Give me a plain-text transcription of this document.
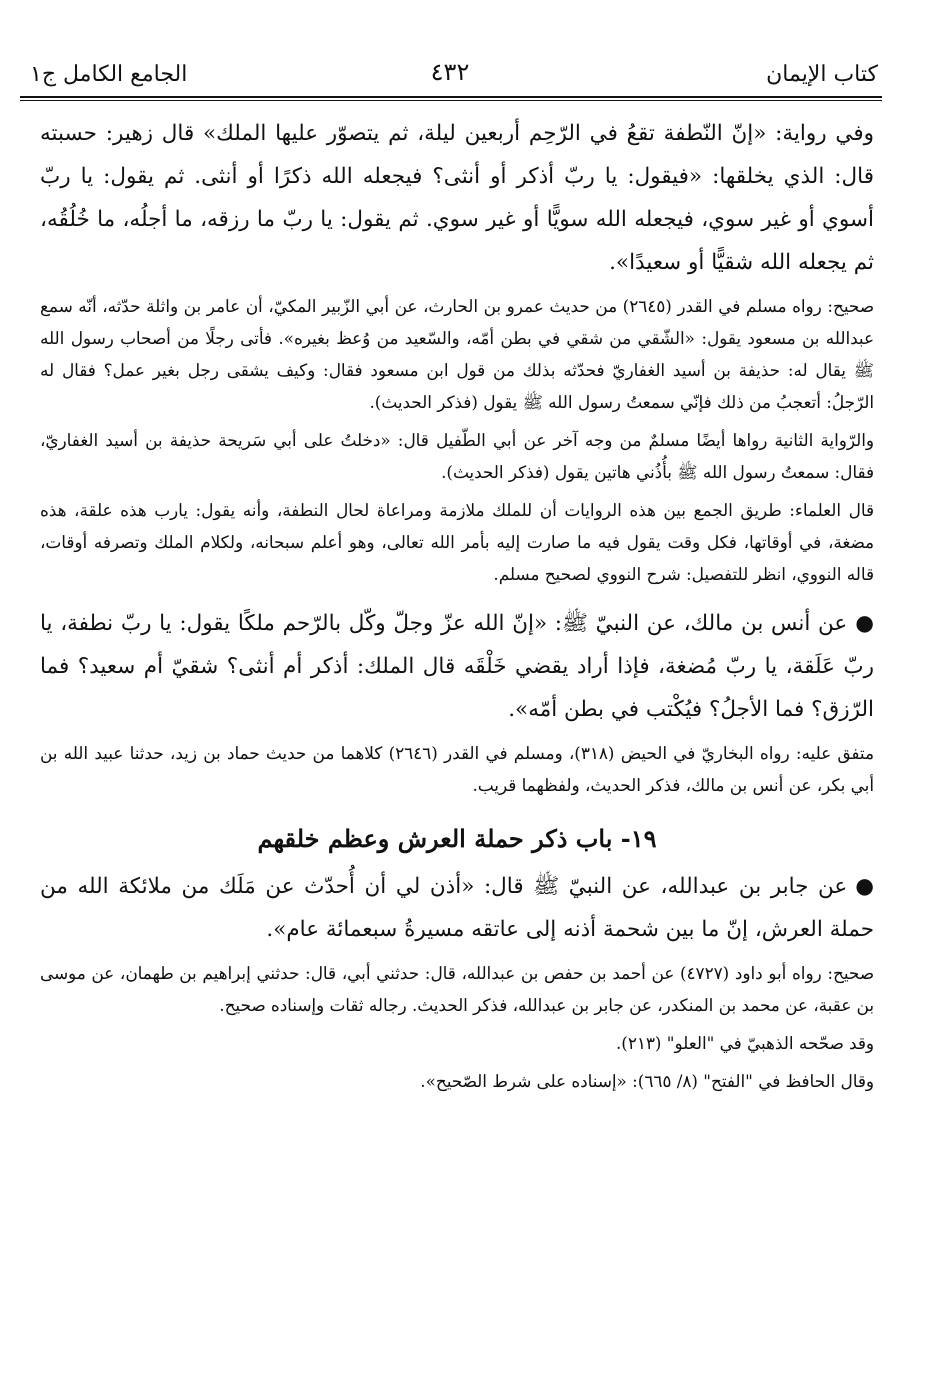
كتاب الإيمان
٤٣٢
الجامع الكامل ج١

وفي رواية: «إنّ النّطفة تقعُ في الرّحِم أربعين ليلة، ثم يتصوّر عليها الملك» قال زهير: حسبته قال: الذي يخلقها: «فيقول: يا ربّ أذكر أو أنثى؟ فيجعله الله ذكرًا أو أنثى. ثم يقول: يا ربّ أسوي أو غير سوي، فيجعله الله سويًّا أو غير سوي. ثم يقول: يا ربّ ما رزقه، ما أجلُه، ما خُلُقُه، ثم يجعله الله شقيًّا أو سعيدًا».

صحيح: رواه مسلم في القدر (٢٦٤٥) من حديث عمرو بن الحارث، عن أبي الزّبير المكيّ، أن عامر بن واثلة حدّثه، أنّه سمع عبدالله بن مسعود يقول: «الشّقي من شقي في بطن أمّه، والسّعيد من وُعظ بغيره». فأتى رجلًا من أصحاب رسول الله ﷺ يقال له: حذيفة بن أسيد الغفاريّ فحدّثه بذلك من قول ابن مسعود فقال: وكيف يشقى رجل بغير عمل؟ فقال له الرّجلُ: أتعجبُ من ذلك فإنّي سمعتُ رسول الله ﷺ يقول (فذكر الحديث).

والرّواية الثانية رواها أيضًا مسلمٌ من وجه آخر عن أبي الطّفيل قال: «دخلتُ على أبي سَريحة حذيفة بن أسيد الغفاريّ، فقال: سمعتُ رسول الله ﷺ بأُذُني هاتين يقول (فذكر الحديث).

قال العلماء: طريق الجمع بين هذه الروايات أن للملك ملازمة ومراعاة لحال النطفة، وأنه يقول: يارب هذه علقة، هذه مضغة، في أوقاتها، فكل وقت يقول فيه ما صارت إليه بأمر الله تعالى، وهو أعلم سبحانه، ولكلام الملك وتصرفه أوقات، قاله النووي، انظر للتفصيل: شرح النووي لصحيح مسلم.

●عن أنس بن مالك، عن النبيّ ﷺ: «إنّ الله عزّ وجلّ وكّل بالرّحم ملكًا يقول: يا ربّ نطفة، يا ربّ عَلَقة، يا ربّ مُضغة، فإذا أراد يقضي خَلْقَه قال الملك: أذكر أم أنثى؟ شقيّ أم سعيد؟ فما الرّزق؟ فما الأجلُ؟ فيُكْتب في بطن أمّه».

متفق عليه: رواه البخاريّ في الحيض (٣١٨)، ومسلم في القدر (٢٦٤٦) كلاهما من حديث حماد بن زيد، حدثنا عبيد الله بن أبي بكر، عن أنس بن مالك، فذكر الحديث، ولفظهما قريب.

١٩- باب ذكر حملة العرش وعظم خلقهم

●عن جابر بن عبدالله، عن النبيّ ﷺ قال: «أذن لي أن أُحدّث عن مَلَك من ملائكة الله من حملة العرش، إنّ ما بين شحمة أذنه إلى عاتقه مسيرةُ سبعمائة عام».

صحيح: رواه أبو داود (٤٧٢٧) عن أحمد بن حفص بن عبدالله، قال: حدثني أبي، قال: حدثني إبراهيم بن طهمان، عن موسى بن عقبة، عن محمد بن المنكدر، عن جابر بن عبدالله، فذكر الحديث. رجاله ثقات وإسناده صحيح.

وقد صحّحه الذهبيّ في "العلو" (٢١٣).

وقال الحافظ في "الفتح" (٨/ ٦٦٥): «إسناده على شرط الصّحيح».
